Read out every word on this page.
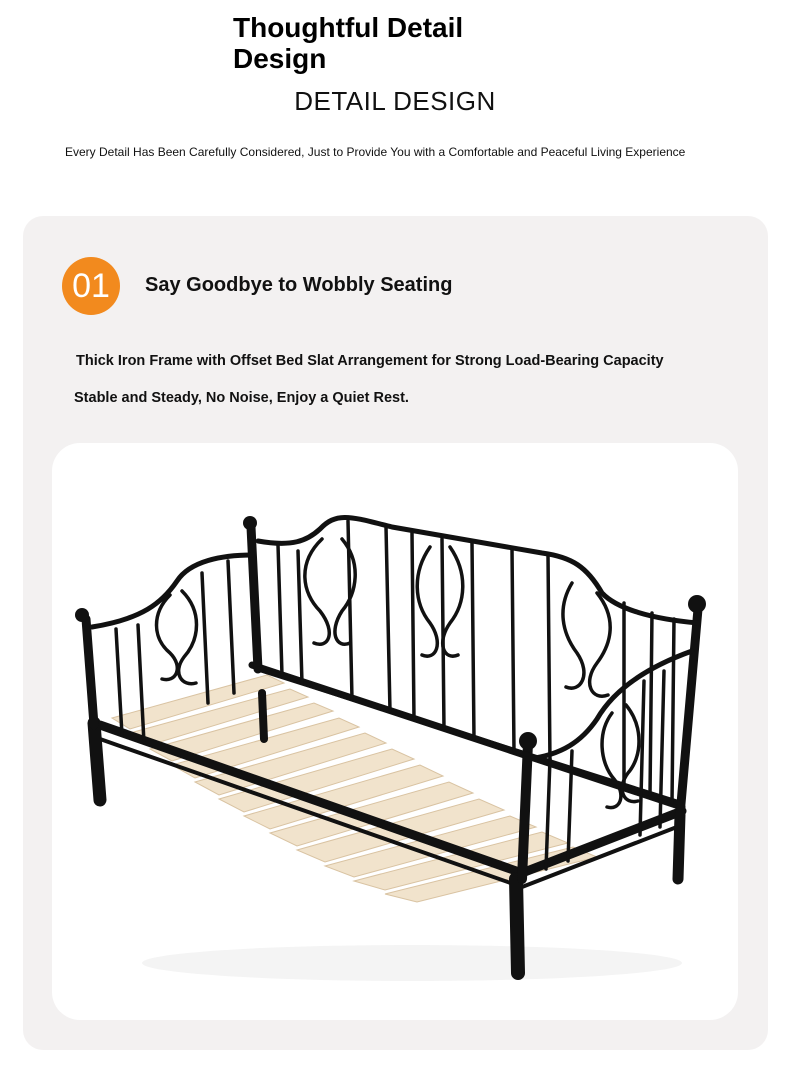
Thoughtful Detail Design
DETAIL DESIGN
Every Detail Has Been Carefully Considered, Just to Provide You with a Comfortable and Peaceful Living Experience
01	Say Goodbye to Wobbly Seating
Thick Iron Frame with Offset Bed Slat Arrangement for Strong Load-Bearing Capacity
Stable and Steady, No Noise, Enjoy a Quiet Rest.
